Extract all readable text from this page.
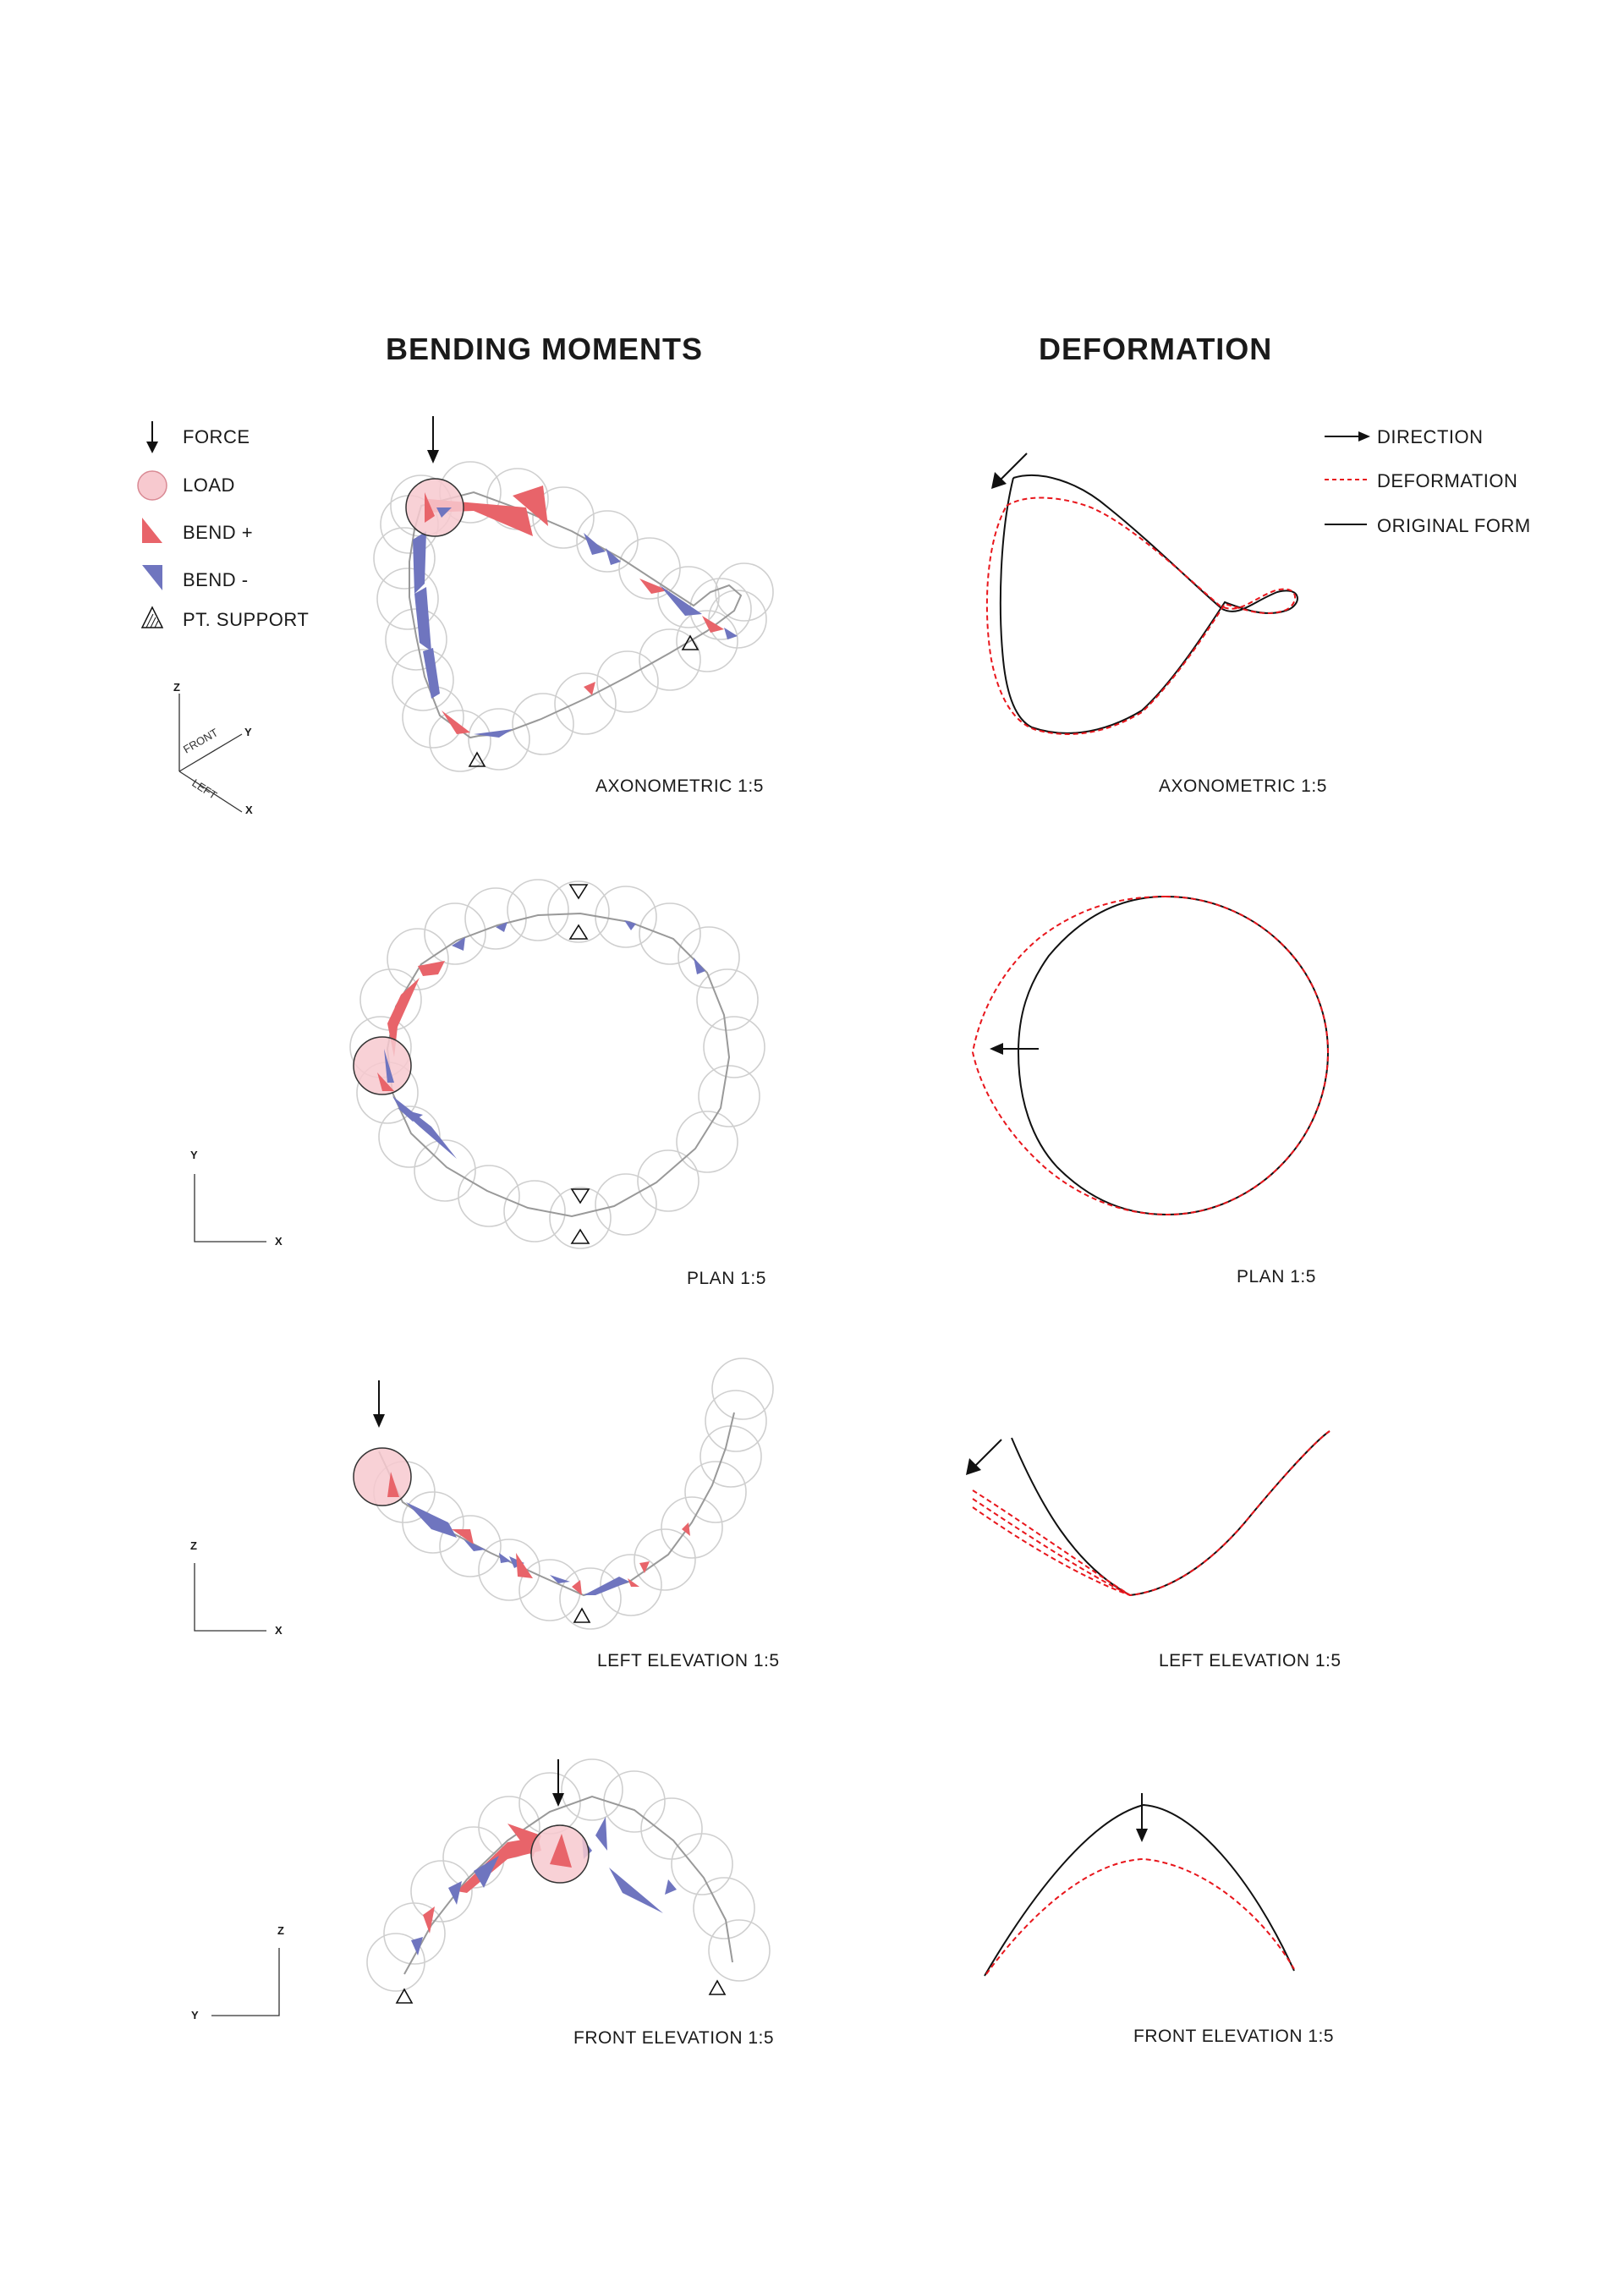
BENDING MOMENTS	DEFORMATION
FORCE
LOAD
BEND +
BEND -
PT. SUPPORT
DIRECTION
DEFORMATION
ORIGINAL FORM
FRONT
LEFT
Z
Y
X
Y
X
Z
X
Z
Y
AXONOMETRIC 1:5	AXONOMETRIC 1:5
PLAN 1:5	PLAN 1:5
LEFT ELEVATION 1:5	LEFT ELEVATION 1:5
FRONT ELEVATION 1:5	FRONT ELEVATION 1:5
